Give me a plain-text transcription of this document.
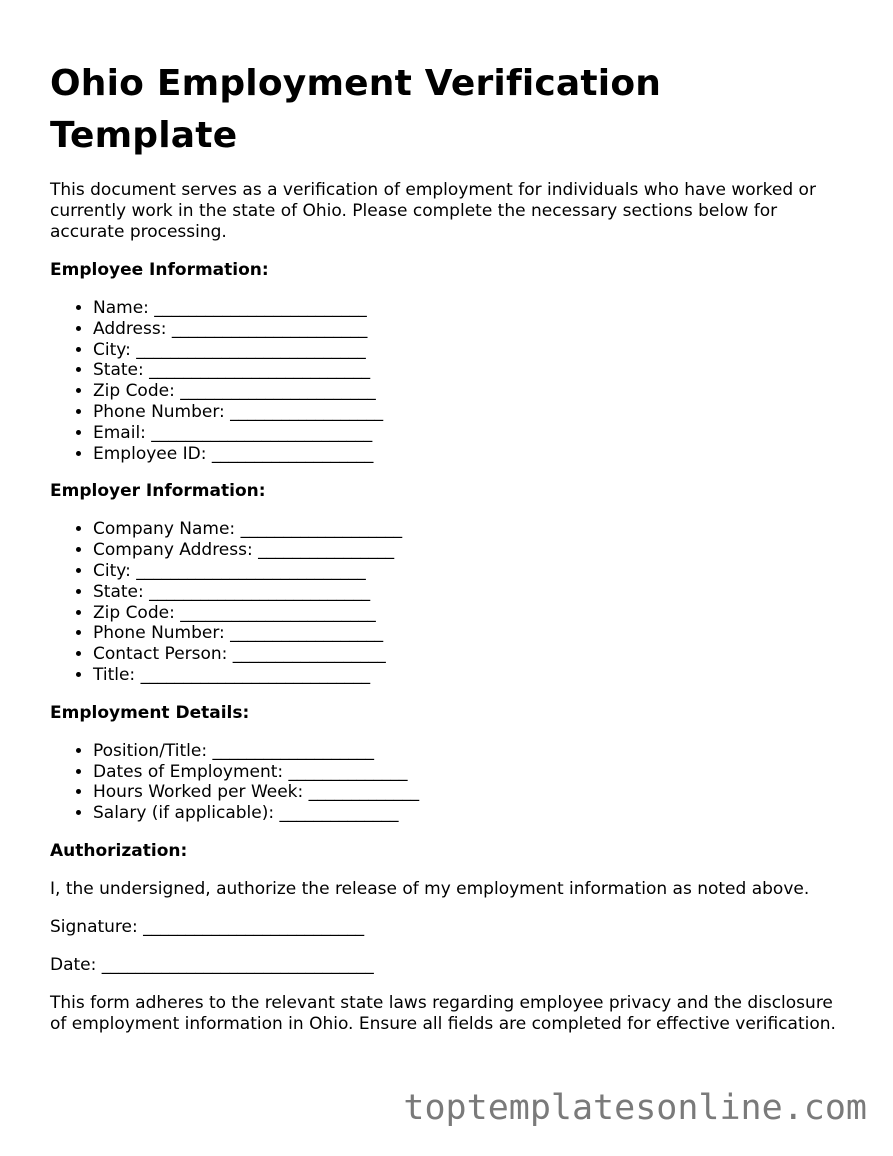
Ohio Employment Verification Template

This document serves as a verification of employment for individuals who have worked or currently work in the state of Ohio. Please complete the necessary sections below for accurate processing.

Employee Information:
• Name: _________________________
• Address: _______________________
• City: ___________________________
• State: __________________________
• Zip Code: _______________________
• Phone Number: __________________
• Email: __________________________
• Employee ID: ___________________
Employer Information:
• Company Name: ___________________
• Company Address: ________________
• City: ___________________________
• State: __________________________
• Zip Code: _______________________
• Phone Number: __________________
• Contact Person: __________________
• Title: ___________________________
Employment Details:
• Position/Title: ___________________
• Dates of Employment: ______________
• Hours Worked per Week: _____________
• Salary (if applicable): ______________
Authorization:

I, the undersigned, authorize the release of my employment information as noted above.

Signature: __________________________

Date: ________________________________

This form adheres to the relevant state laws regarding employee privacy and the disclosure of employment information in Ohio. Ensure all fields are completed for effective verification.

toptemplatesonline.com
